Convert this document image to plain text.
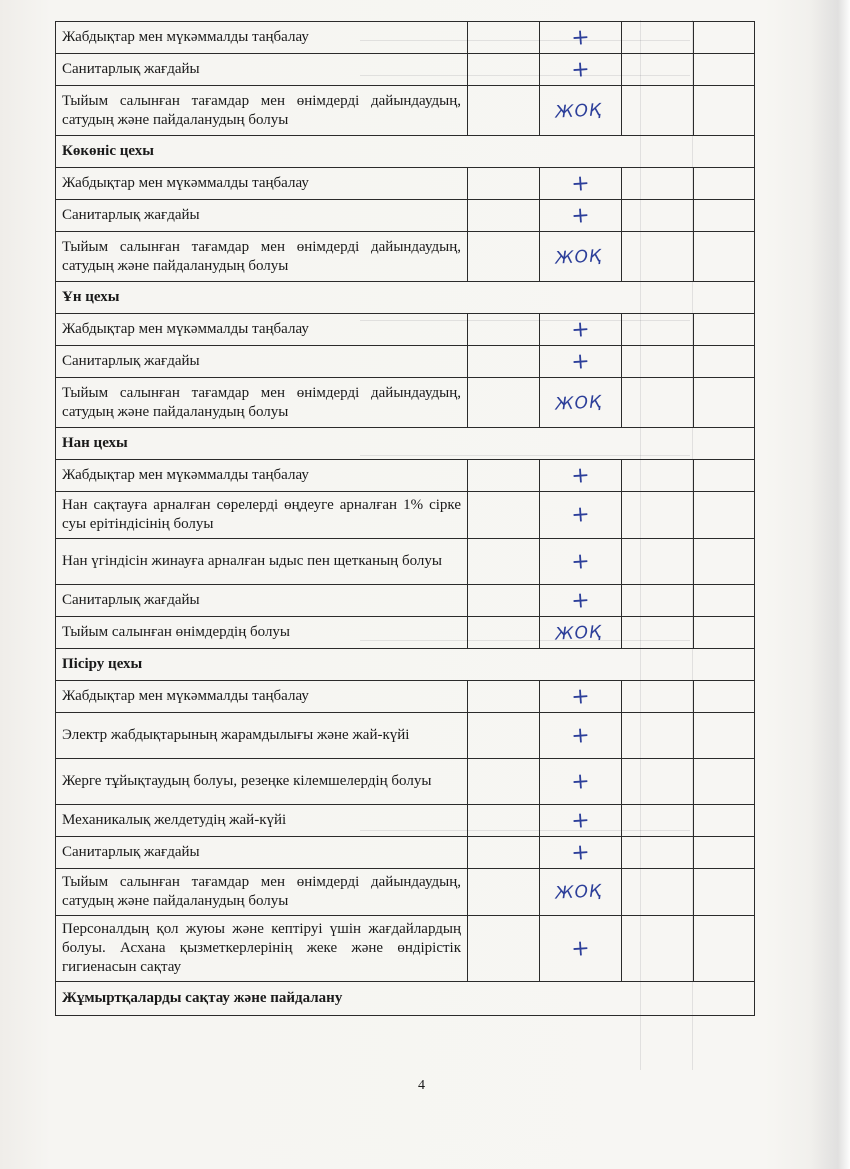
Жабдықтар мен мүкәммалды таңбалау		+		

Санитарлық жағдайы		+		

Тыйым салынған тағамдар мен өнімдерді дайындаудың, сатудың және пайдаланудың болуы		ЖОҚ		

Көкөніс цехы				
Жабдықтар мен мүкәммалды таңбалау		+		

Санитарлық жағдайы		+		

Тыйым салынған тағамдар мен өнімдерді дайындаудың, сатудың және пайдаланудың болуы		ЖОҚ		

Ұн цехы				
Жабдықтар мен мүкәммалды таңбалау		+		

Санитарлық жағдайы		+		

Тыйым салынған тағамдар мен өнімдерді дайындаудың, сатудың және пайдаланудың болуы		ЖОҚ		

Нан цехы				
Жабдықтар мен мүкәммалды таңбалау		+		

Нан сақтауға арналған сөрелерді өңдеуге арналған 1% сірке суы ерітіндісінің болуы		+		

Нан үгіндісін жинауға арналған ыдыс пен щетканың болуы		+		

Санитарлық жағдайы		+		

Тыйым салынған өнімдердің болуы		ЖОҚ		

Пісіру цехы				
Жабдықтар мен мүкәммалды таңбалау		+		

Электр жабдықтарының жарамдылығы және жай-күйі		+		

Жерге тұйықтаудың болуы, резеңке кілемшелердің болуы		+		

Механикалық желдетудің жай-күйі		+		

Санитарлық жағдайы		+		

Тыйым салынған тағамдар мен өнімдерді дайындаудың, сатудың және пайдаланудың болуы		ЖОҚ		

Персоналдың қол жуюы және кептіруі үшін жағдайлардың болуы. Асхана қызметкерлерінің жеке және өндірістік гигиенасын сақтау		+		

Жұмыртқаларды сақтау және пайдалану				
4
